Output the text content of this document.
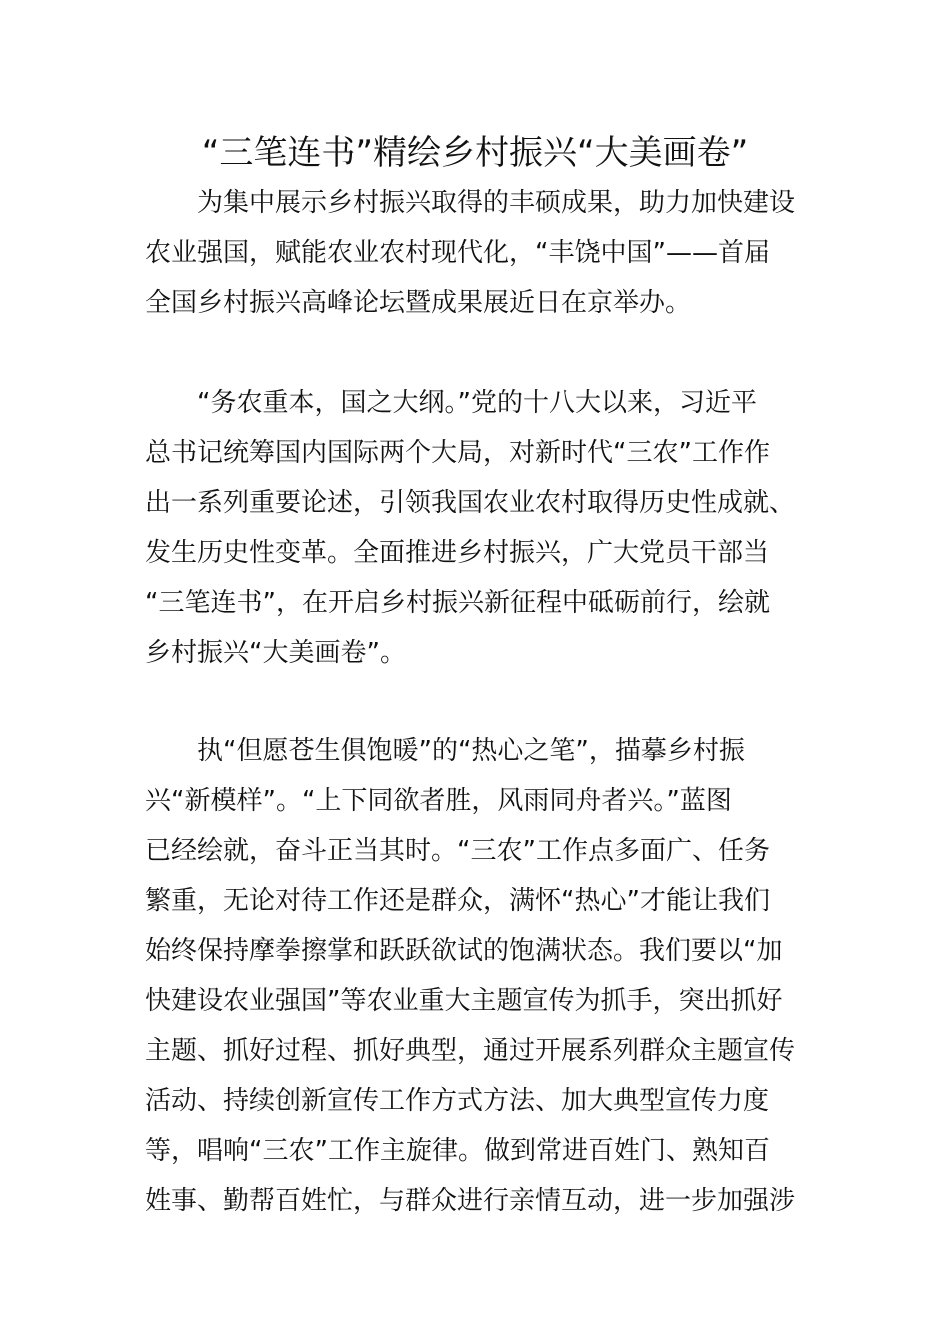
“三笔连书”精绘乡村振兴“大美画卷”
为集中展示乡村振兴取得的丰硕成果，助力加快建设
农业强国，赋能农业农村现代化，“丰饶中国”——首届
全国乡村振兴高峰论坛暨成果展近日在京举办。
“务农重本，国之大纲。”党的十八大以来，习近平
总书记统筹国内国际两个大局，对新时代“三农”工作作
出一系列重要论述，引领我国农业农村取得历史性成就、
发生历史性变革。全面推进乡村振兴，广大党员干部当
“三笔连书”，在开启乡村振兴新征程中砥砺前行，绘就
乡村振兴“大美画卷”。
执“但愿苍生俱饱暖”的“热心之笔”，描摹乡村振
兴“新模样”。“上下同欲者胜，风雨同舟者兴。”蓝图
已经绘就，奋斗正当其时。“三农”工作点多面广、任务
繁重，无论对待工作还是群众，满怀“热心”才能让我们
始终保持摩拳擦掌和跃跃欲试的饱满状态。我们要以“加
快建设农业强国”等农业重大主题宣传为抓手，突出抓好
主题、抓好过程、抓好典型，通过开展系列群众主题宣传
活动、持续创新宣传工作方式方法、加大典型宣传力度
等，唱响“三农”工作主旋律。做到常进百姓门、熟知百
姓事、勤帮百姓忙，与群众进行亲情互动，进一步加强涉
